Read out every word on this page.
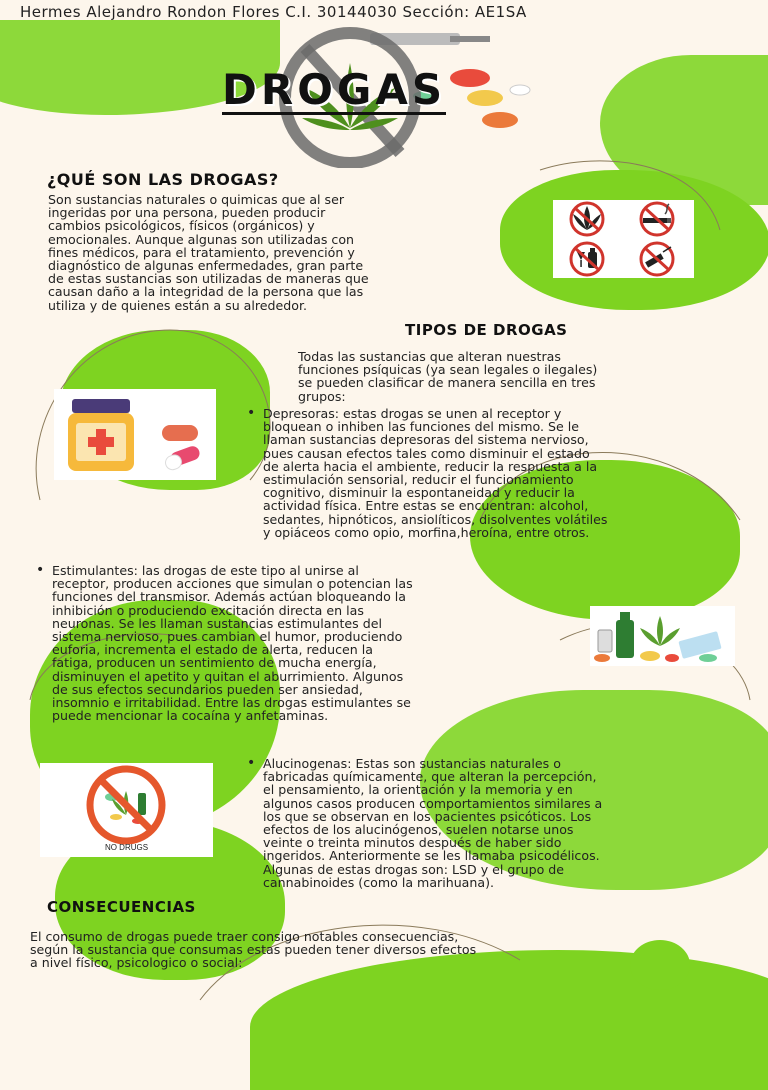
Hermes Alejandro Rondon Flores C.I. 30144030 Sección: AE1SA
DROGAS
¿QUÉ SON LAS DROGAS?

Son sustancias naturales o quimicas que al ser

ingeridas por una persona, pueden producir

cambios psicológicos, físicos (orgánicos) y

emocionales. Aunque algunas son utilizadas con

fines médicos, para el tratamiento, prevención y

diagnóstico de algunas enfermedades, gran parte

de estas sustancias son utilizadas de maneras que

causan daño a la integridad de la persona que las

utiliza y de quienes están a su alrededor.

TIPOS DE DROGAS

Todas las sustancias que alteran nuestras

funciones psíquicas (ya sean legales o ilegales)

se pueden clasificar de manera sencilla en tres

grupos:

• Depresoras: estas drogas se unen al receptor y

bloquean o inhiben las funciones del mismo. Se le

llaman sustancias depresoras del sistema nervioso,

pues causan efectos tales como disminuir el estado

de alerta hacia el ambiente, reducir la respuesta a la

estimulación sensorial, reducir el funcionamiento

cognitivo, disminuir la espontaneidad y reducir la

actividad física. Entre estas se encuentran: alcohol,

sedantes, hipnóticos, ansiolíticos, disolventes volátiles

y opiáceos como opio, morfina,heroína, entre otros.

• Estimulantes: las drogas de este tipo al unirse al

receptor, producen acciones que simulan o potencian las

funciones del transmisor. Además actúan bloqueando la

inhibición o produciendo excitación directa en las

neuronas. Se les llaman sustancias estimulantes del

sistema nervioso, pues cambian el humor, produciendo

euforia, incrementa el estado de alerta, reducen la

fatiga, producen un sentimiento de mucha energía,

disminuyen el apetito y quitan el aburrimiento. Algunos

de sus efectos secundarios pueden ser ansiedad,

insomnio e irritabilidad. Entre las drogas estimulantes se

puede mencionar la cocaína y anfetaminas.

NO DRUGS

• Alucinogenas: Estas son sustancias naturales o

fabricadas químicamente, que alteran la percepción,

el pensamiento, la orientación y la memoria y en

algunos casos producen comportamientos similares a

los que se observan en los pacientes psicóticos. Los

efectos de los alucinógenos, suelen notarse unos

veinte o treinta minutos después de haber sido

ingeridos. Anteriormente se les llamaba psicodélicos.

Algunas de estas drogas son: LSD y el grupo de

cannabinoides (como la marihuana).

CONSECUENCIAS

El consumo de drogas puede traer consigo notables consecuencias,

según la sustancia que consumas estas pueden tener diversos efectos

a nivel físico, psicologico o social:
